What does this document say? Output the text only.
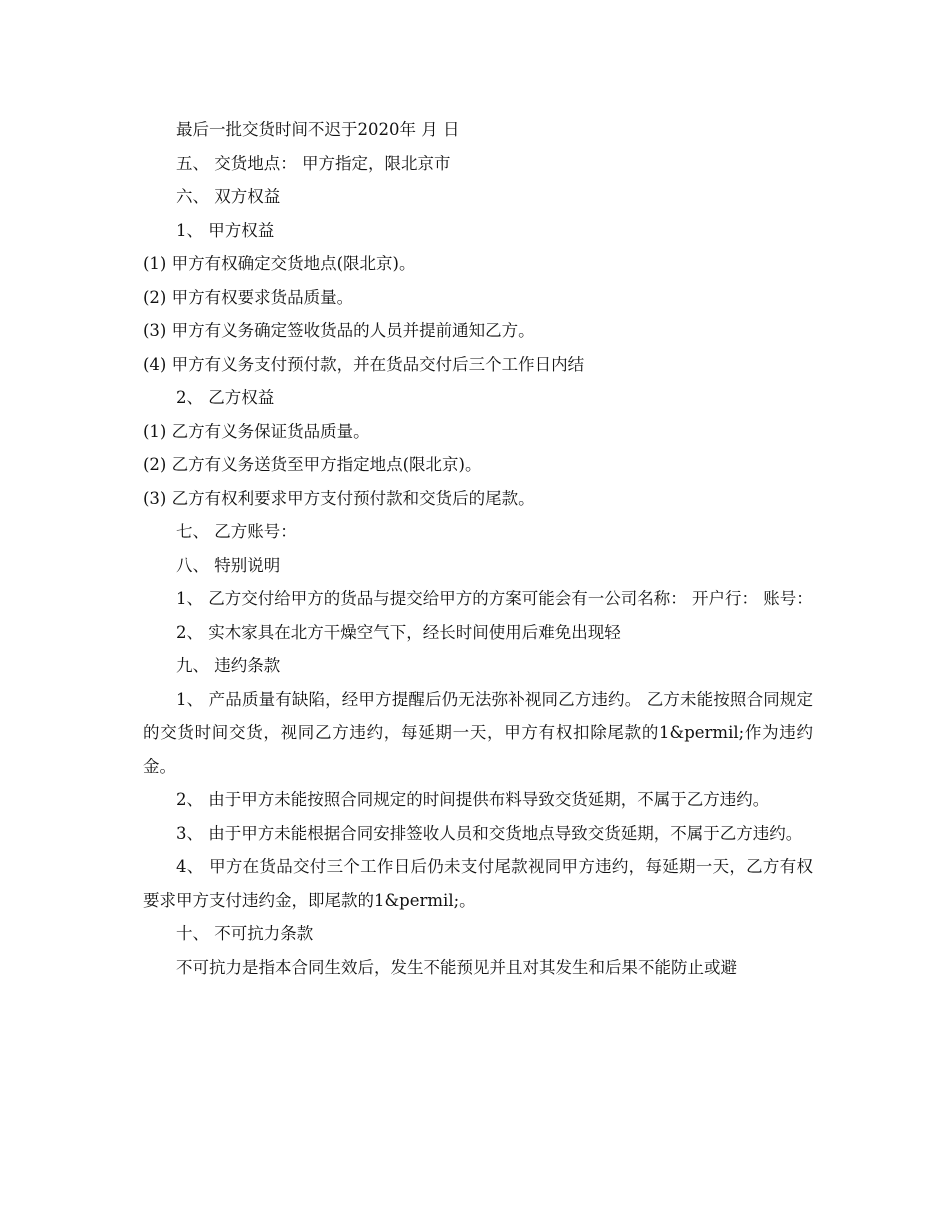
最后一批交货时间不迟于2020年 月 日

五、 交货地点： 甲方指定，限北京市

六、 双方权益

1、 甲方权益

(1) 甲方有权确定交货地点(限北京)。

(2) 甲方有权要求货品质量。

(3) 甲方有义务确定签收货品的人员并提前通知乙方。

(4) 甲方有义务支付预付款，并在货品交付后三个工作日内结

2、 乙方权益

(1) 乙方有义务保证货品质量。

(2) 乙方有义务送货至甲方指定地点(限北京)。

(3) 乙方有权利要求甲方支付预付款和交货后的尾款。

七、 乙方账号：

八、 特别说明

1、 乙方交付给甲方的货品与提交给甲方的方案可能会有一公司名称： 开户行： 账号：

2、 实木家具在北方干燥空气下，经长时间使用后难免出现轻

九、 违约条款

1、 产品质量有缺陷，经甲方提醒后仍无法弥补视同乙方违约。 乙方未能按照合同规定的交货时间交货，视同乙方违约，每延期一天，甲方有权扣除尾款的1&permil;作为违约金。

2、 由于甲方未能按照合同规定的时间提供布料导致交货延期，不属于乙方违约。

3、 由于甲方未能根据合同安排签收人员和交货地点导致交货延期，不属于乙方违约。

4、 甲方在货品交付三个工作日后仍未支付尾款视同甲方违约，每延期一天，乙方有权要求甲方支付违约金，即尾款的1&permil;。

十、 不可抗力条款

不可抗力是指本合同生效后，发生不能预见并且对其发生和后果不能防止或避
